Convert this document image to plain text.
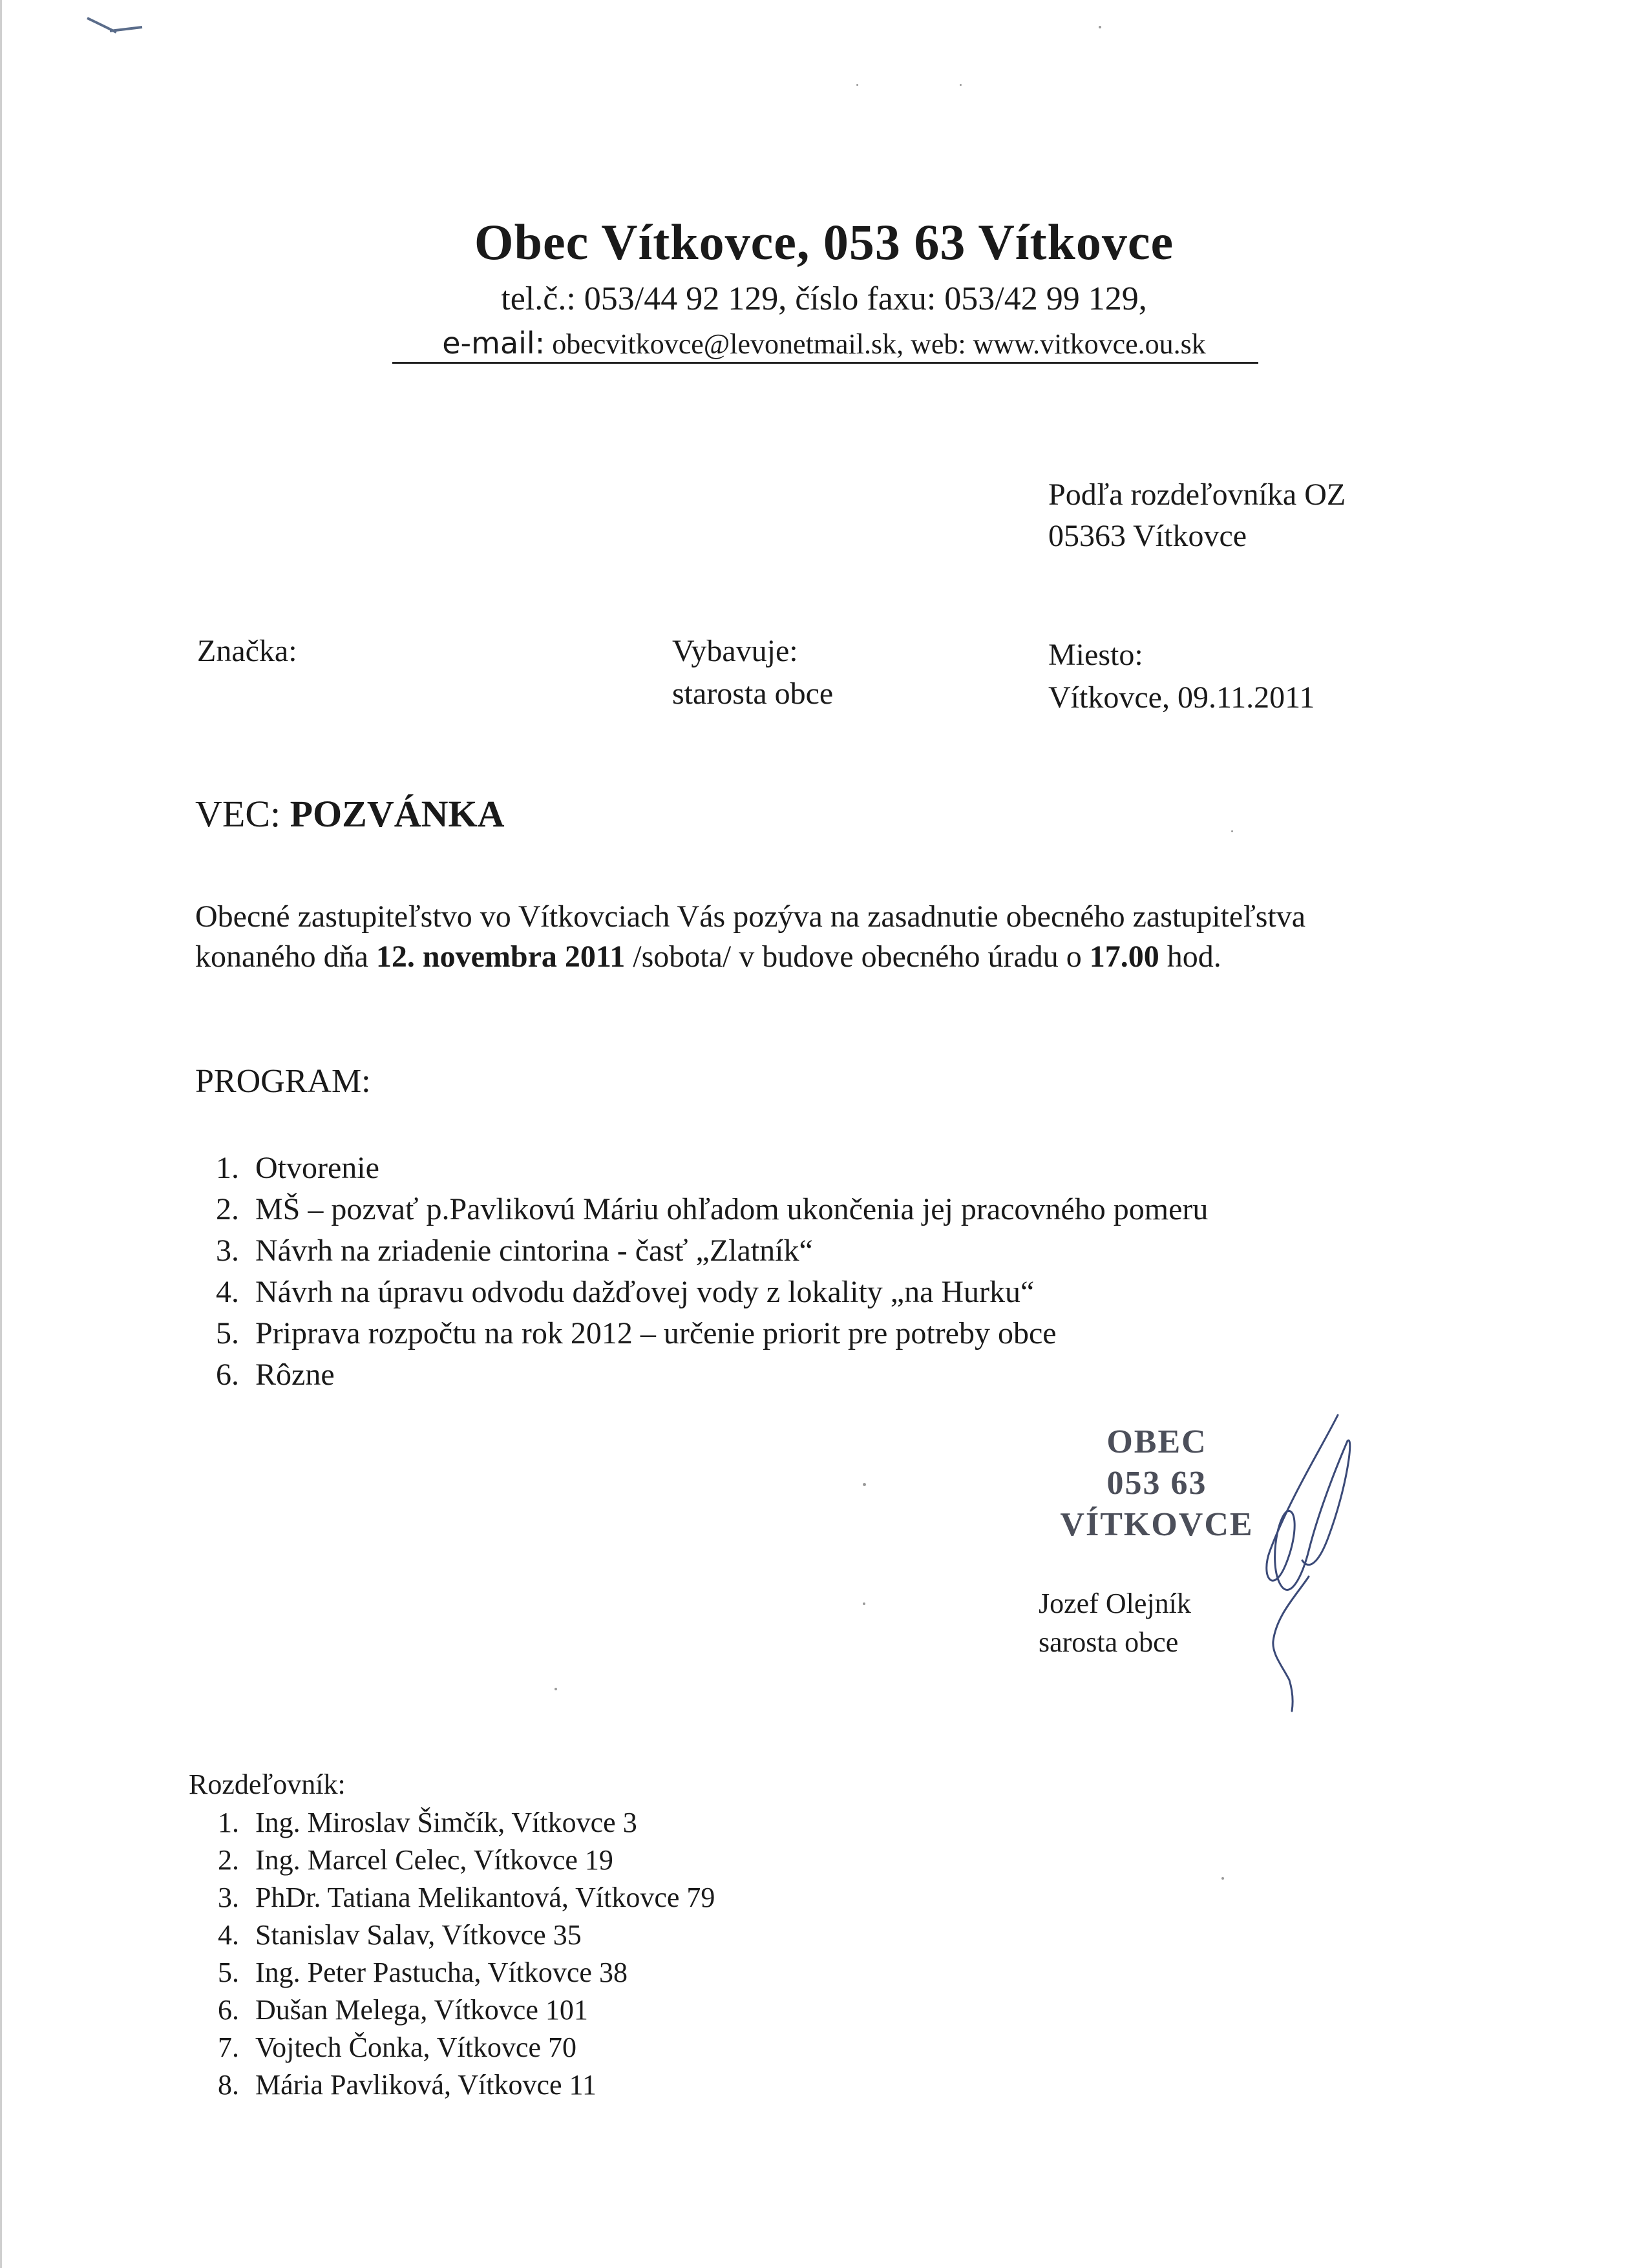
Obec Vítkovce, 053 63 Vítkovce
tel.č.: 053/44 92 129, číslo faxu: 053/42 99 129,
e-mail: obecvitkovce@levonetmail.sk, web: www.vitkovce.ou.sk
Podľa rozdeľovníka OZ
05363 Vítkovce
Značka:	Vybavuje:
starosta obce
Miesto:
Vítkovce, 09.11.2011
VEC: POZVÁNKA
Obecné zastupiteľstvo vo Vítkovciach Vás pozýva na zasadnutie obecného zastupiteľstva
konaného dňa 12. novembra 2011 /sobota/ v budove obecného úradu o 17.00 hod.
PROGRAM:
1. Otvorenie
2. MŠ – pozvať p.Pavlikovú Máriu ohľadom ukončenia jej pracovného pomeru
3. Návrh na zriadenie cintorina - časť „Zlatník“
4. Návrh na úpravu odvodu dažďovej vody z lokality „na Hurku“
5. Priprava rozpočtu na rok 2012 – určenie priorit pre potreby obce
6. Rôzne
OBEC
053 63
VÍTKOVCE
Jozef Olejník
sarosta obce
Rozdeľovník:
1. Ing. Miroslav Šimčík, Vítkovce 3
2. Ing. Marcel Celec, Vítkovce 19
3. PhDr. Tatiana Melikantová, Vítkovce 79
4. Stanislav Salav, Vítkovce 35
5. Ing. Peter Pastucha, Vítkovce 38
6. Dušan Melega, Vítkovce 101
7. Vojtech Čonka, Vítkovce 70
8. Mária Pavliková, Vítkovce 11
